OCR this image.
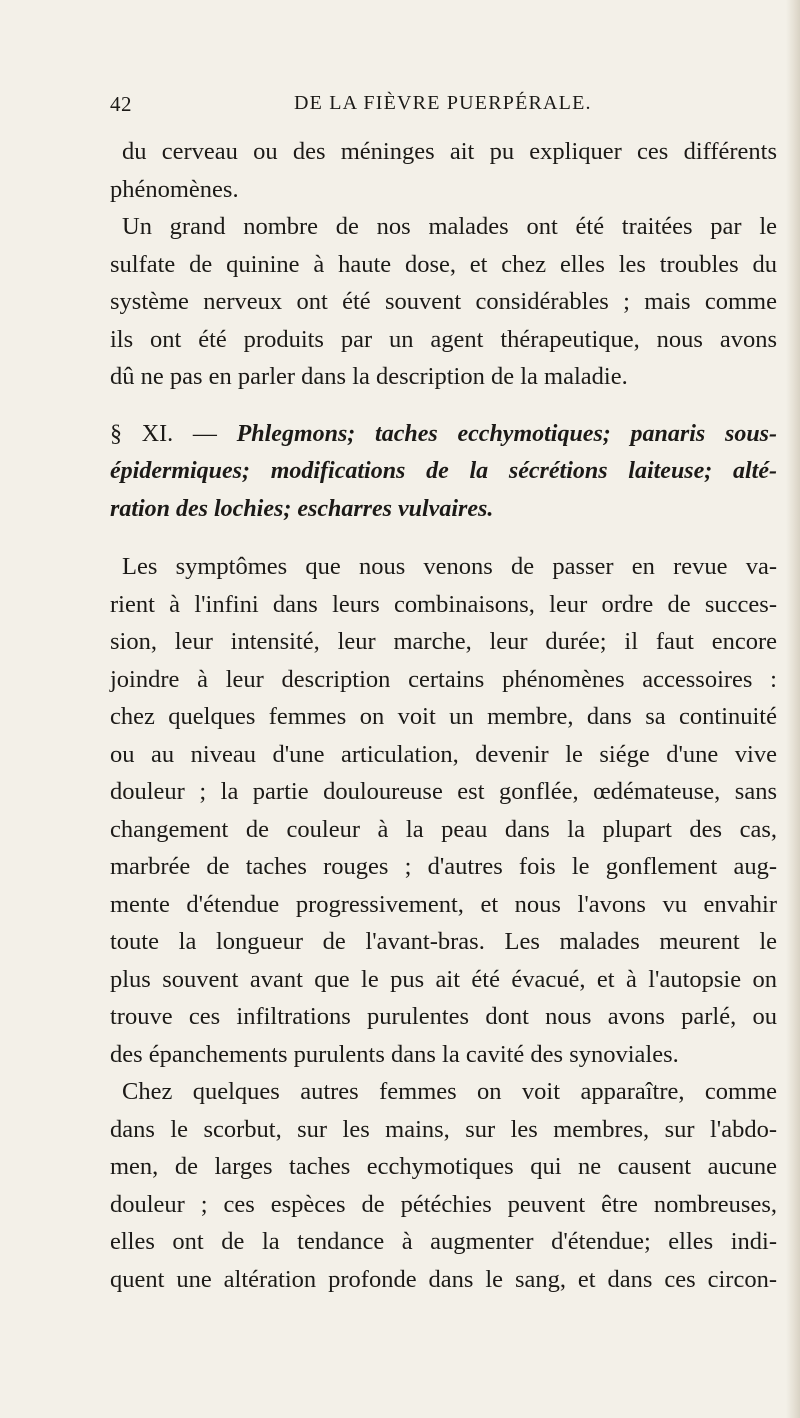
42	DE LA FIÈVRE PUERPÉRALE.
du cerveau ou des méninges ait pu expliquer ces différents
phénomènes.
Un grand nombre de nos malades ont été traitées par le
sulfate de quinine à haute dose, et chez elles les troubles du
système nerveux ont été souvent considérables ; mais comme
ils ont été produits par un agent thérapeutique, nous avons
dû ne pas en parler dans la description de la maladie.
§ XI. — Phlegmons; taches ecchymotiques; panaris sous-
épidermiques; modifications de la sécrétions laiteuse; alté-
ration des lochies; escharres vulvaires.
Les symptômes que nous venons de passer en revue va-
rient à l'infini dans leurs combinaisons, leur ordre de succes-
sion, leur intensité, leur marche, leur durée; il faut encore
joindre à leur description certains phénomènes accessoires :
chez quelques femmes on voit un membre, dans sa continuité
ou au niveau d'une articulation, devenir le siége d'une vive
douleur ; la partie douloureuse est gonflée, œdémateuse, sans
changement de couleur à la peau dans la plupart des cas,
marbrée de taches rouges ; d'autres fois le gonflement aug-
mente d'étendue progressivement, et nous l'avons vu envahir
toute la longueur de l'avant-bras. Les malades meurent le
plus souvent avant que le pus ait été évacué, et à l'autopsie on
trouve ces infiltrations purulentes dont nous avons parlé, ou
des épanchements purulents dans la cavité des synoviales.
Chez quelques autres femmes on voit apparaître, comme
dans le scorbut, sur les mains, sur les membres, sur l'abdo-
men, de larges taches ecchymotiques qui ne causent aucune
douleur ; ces espèces de pétéchies peuvent être nombreuses,
elles ont de la tendance à augmenter d'étendue; elles indi-
quent une altération profonde dans le sang, et dans ces circon-
